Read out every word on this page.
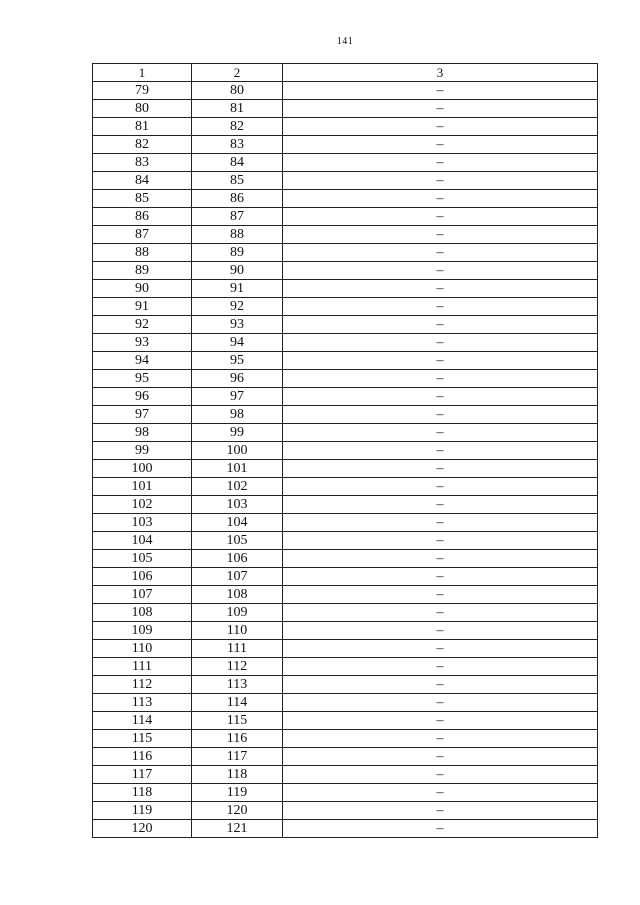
141
1	2	3
79	80	–
80	81	–
81	82	–
82	83	–
83	84	–
84	85	–
85	86	–
86	87	–
87	88	–
88	89	–
89	90	–
90	91	–
91	92	–
92	93	–
93	94	–
94	95	–
95	96	–
96	97	–
97	98	–
98	99	–
99	100	–
100	101	–
101	102	–
102	103	–
103	104	–
104	105	–
105	106	–
106	107	–
107	108	–
108	109	–
109	110	–
110	111	–
111	112	–
112	113	–
113	114	–
114	115	–
115	116	–
116	117	–
117	118	–
118	119	–
119	120	–
120	121	–
